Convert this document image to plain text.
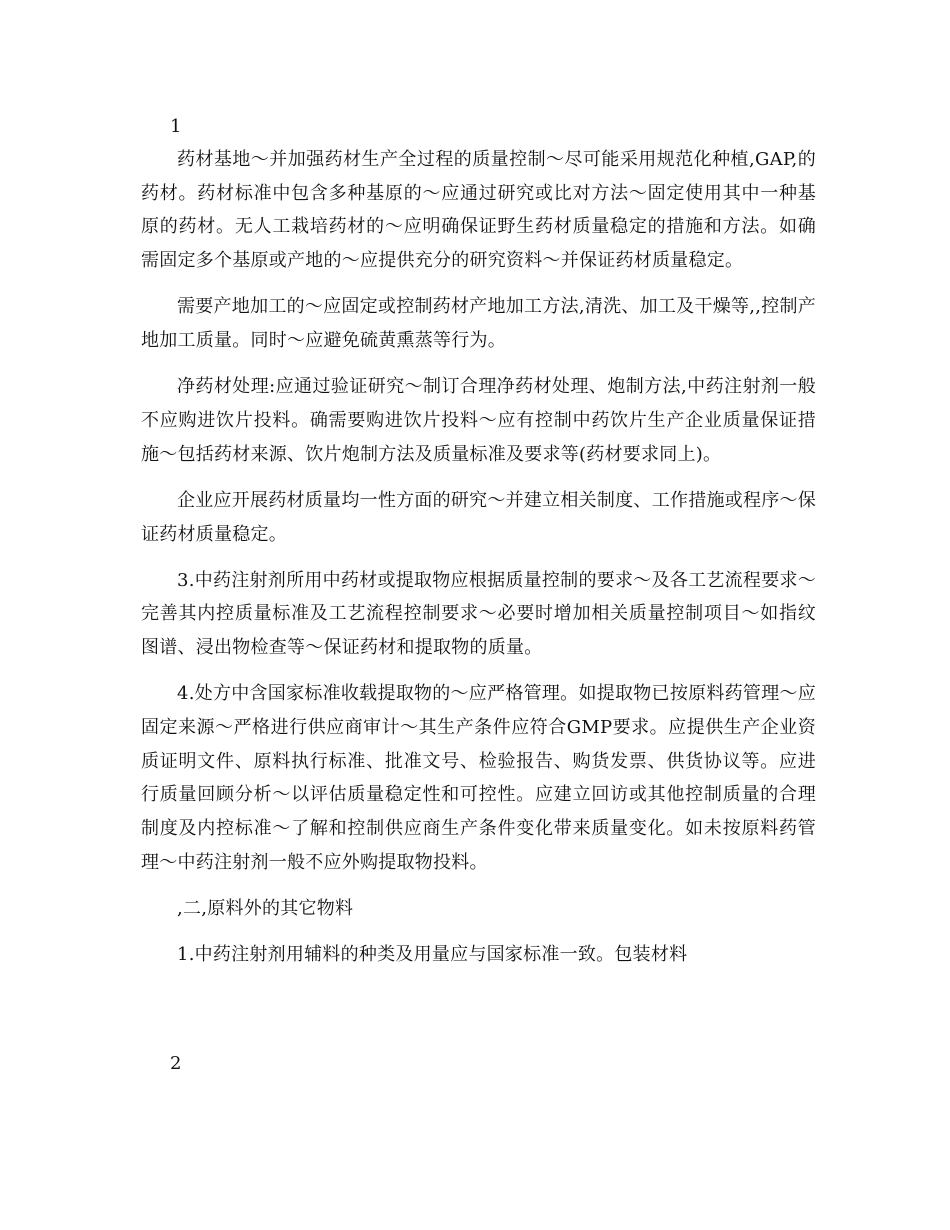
1

药材基地～并加强药材生产全过程的质量控制～尽可能采用规范化种植,GAP,的药材。药材标准中包含多种基原的～应通过研究或比对方法～固定使用其中一种基原的药材。无人工栽培药材的～应明确保证野生药材质量稳定的措施和方法。如确需固定多个基原或产地的～应提供充分的研究资料～并保证药材质量稳定。

需要产地加工的～应固定或控制药材产地加工方法,清洗、加工及干燥等,,控制产地加工质量。同时～应避免硫黄熏蒸等行为。

净药材处理:应通过验证研究～制订合理净药材处理、炮制方法,中药注射剂一般不应购进饮片投料。确需要购进饮片投料～应有控制中药饮片生产企业质量保证措施～包括药材来源、饮片炮制方法及质量标准及要求等(药材要求同上)。

企业应开展药材质量均一性方面的研究～并建立相关制度、工作措施或程序～保证药材质量稳定。

3.中药注射剂所用中药材或提取物应根据质量控制的要求～及各工艺流程要求～完善其内控质量标准及工艺流程控制要求～必要时增加相关质量控制项目～如指纹图谱、浸出物检查等～保证药材和提取物的质量。

4.处方中含国家标准收载提取物的～应严格管理。如提取物已按原料药管理～应固定来源～严格进行供应商审计～其生产条件应符合GMP要求。应提供生产企业资质证明文件、原料执行标准、批准文号、检验报告、购货发票、供货协议等。应进行质量回顾分析～以评估质量稳定性和可控性。应建立回访或其他控制质量的合理制度及内控标准～了解和控制供应商生产条件变化带来质量变化。如未按原料药管理～中药注射剂一般不应外购提取物投料。

,二,原料外的其它物料

1.中药注射剂用辅料的种类及用量应与国家标准一致。包装材料

2
